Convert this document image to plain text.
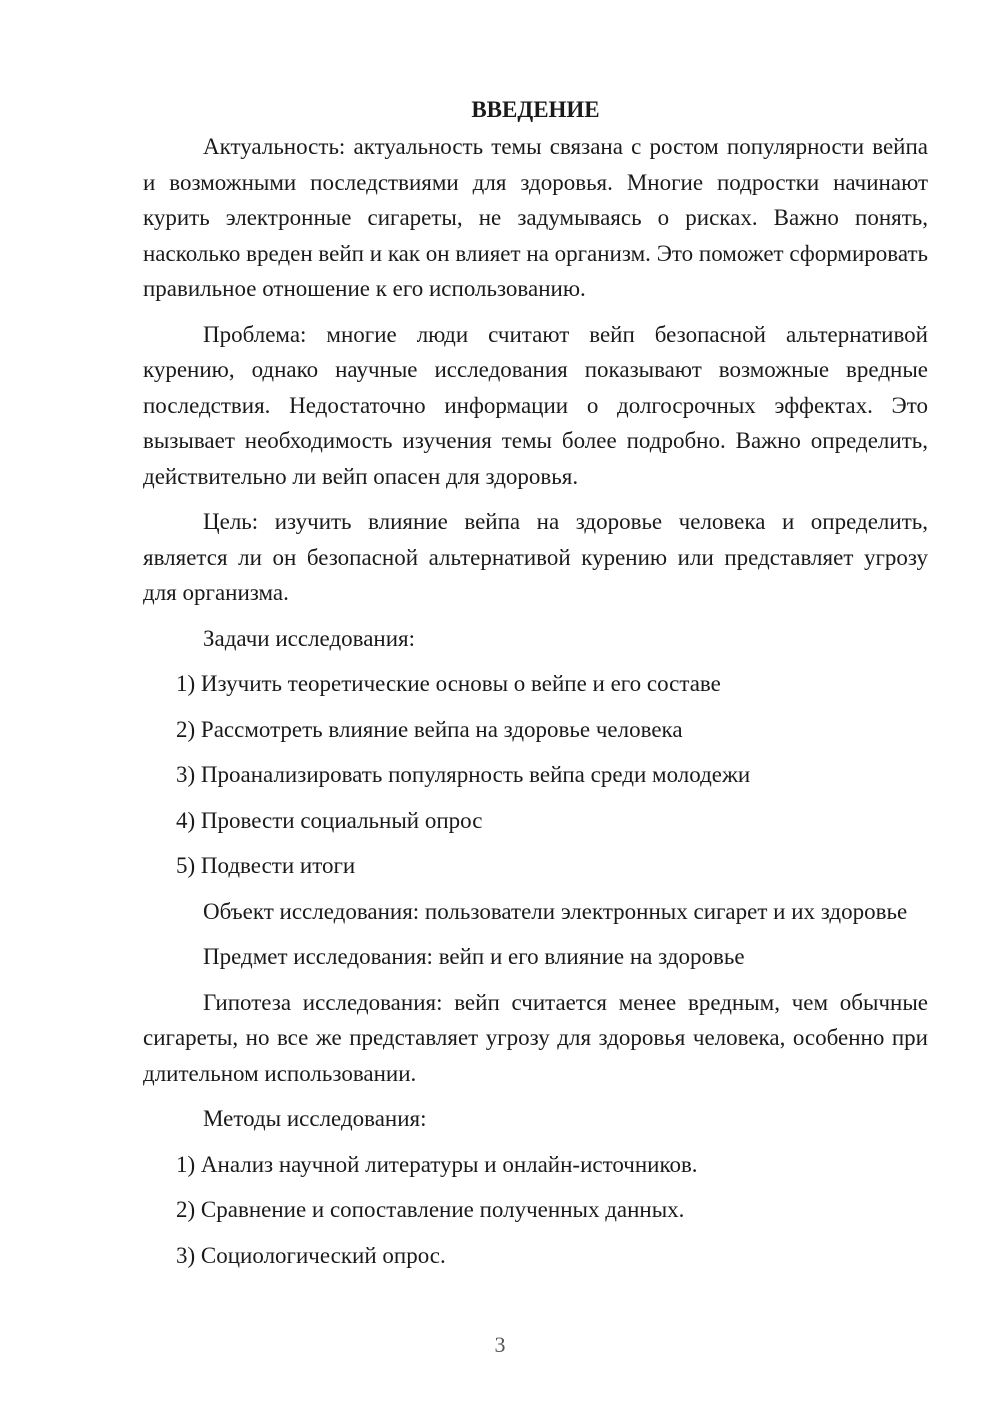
ВВЕДЕНИЕ

Актуальность: актуальность темы связана с ростом популярности вейпа и возможными последствиями для здоровья. Многие подростки начинают курить электронные сигареты, не задумываясь о рисках. Важно понять, насколько вреден вейп и как он влияет на организм. Это поможет сформировать правильное отношение к его использованию.

Проблема: многие люди считают вейп безопасной альтернативой курению, однако научные исследования показывают возможные вредные последствия. Недостаточно информации о долгосрочных эффектах. Это вызывает необходимость изучения темы более подробно. Важно определить, действительно ли вейп опасен для здоровья.

Цель: изучить влияние вейпа на здоровье человека и определить, является ли он безопасной альтернативой курению или представляет угрозу для организма.

Задачи исследования:

1) Изучить теоретические основы о вейпе и его составе
2) Рассмотреть влияние вейпа на здоровье человека
3) Проанализировать популярность вейпа среди молодежи
4) Провести социальный опрос
5) Подвести итоги

Объект исследования: пользователи электронных сигарет и их здоровье

Предмет исследования: вейп и его влияние на здоровье

Гипотеза исследования: вейп считается менее вредным, чем обычные сигареты, но все же представляет угрозу для здоровья человека, особенно при длительном использовании.

Методы исследования:

1) Анализ научной литературы и онлайн-источников.
2) Сравнение и сопоставление полученных данных.
3) Социологический опрос.
3
